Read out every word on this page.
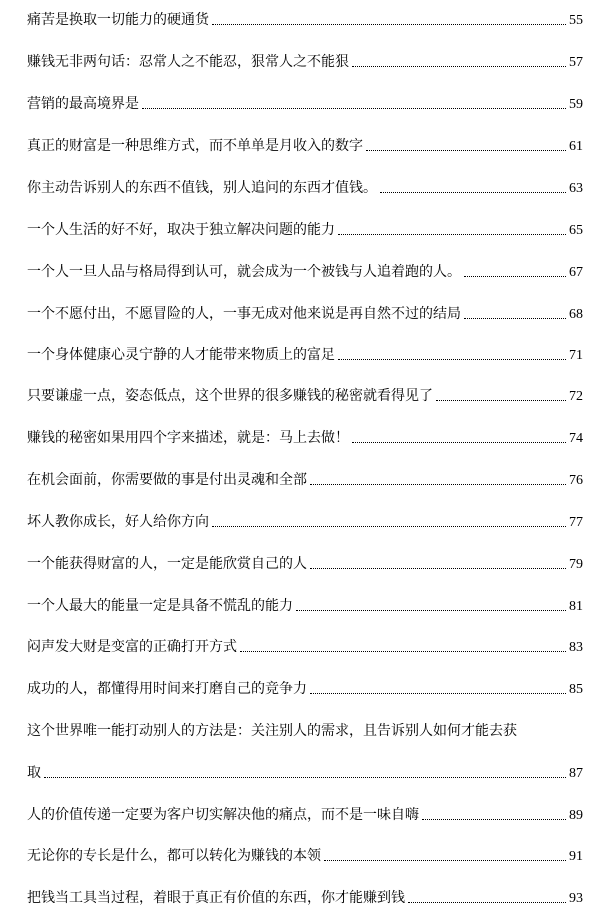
痛苦是换取一切能力的硬通货	55
赚钱无非两句话：忍常人之不能忍，狠常人之不能狠	57
营销的最高境界是	59
真正的财富是一种思维方式，而不单单是月收入的数字	61
你主动告诉别人的东西不值钱，别人追问的东西才值钱。	63
一个人生活的好不好，取决于独立解决问题的能力	65
一个人一旦人品与格局得到认可，就会成为一个被钱与人追着跑的人。	67
一个不愿付出，不愿冒险的人，一事无成对他来说是再自然不过的结局	68
一个身体健康心灵宁静的人才能带来物质上的富足	71
只要谦虚一点，姿态低点，这个世界的很多赚钱的秘密就看得见了	72
赚钱的秘密如果用四个字来描述，就是：马上去做！	74
在机会面前，你需要做的事是付出灵魂和全部	76
坏人教你成长，好人给你方向	77
一个能获得财富的人，一定是能欣赏自己的人	79
一个人最大的能量一定是具备不慌乱的能力	81
闷声发大财是变富的正确打开方式	83
成功的人，都懂得用时间来打磨自己的竞争力	85
这个世界唯一能打动别人的方法是：关注别人的需求，且告诉别人如何才能去获
取	87
人的价值传递一定要为客户切实解决他的痛点，而不是一味自嗨	89
无论你的专长是什么，都可以转化为赚钱的本领	91
把钱当工具当过程，着眼于真正有价值的东西，你才能赚到钱	93
